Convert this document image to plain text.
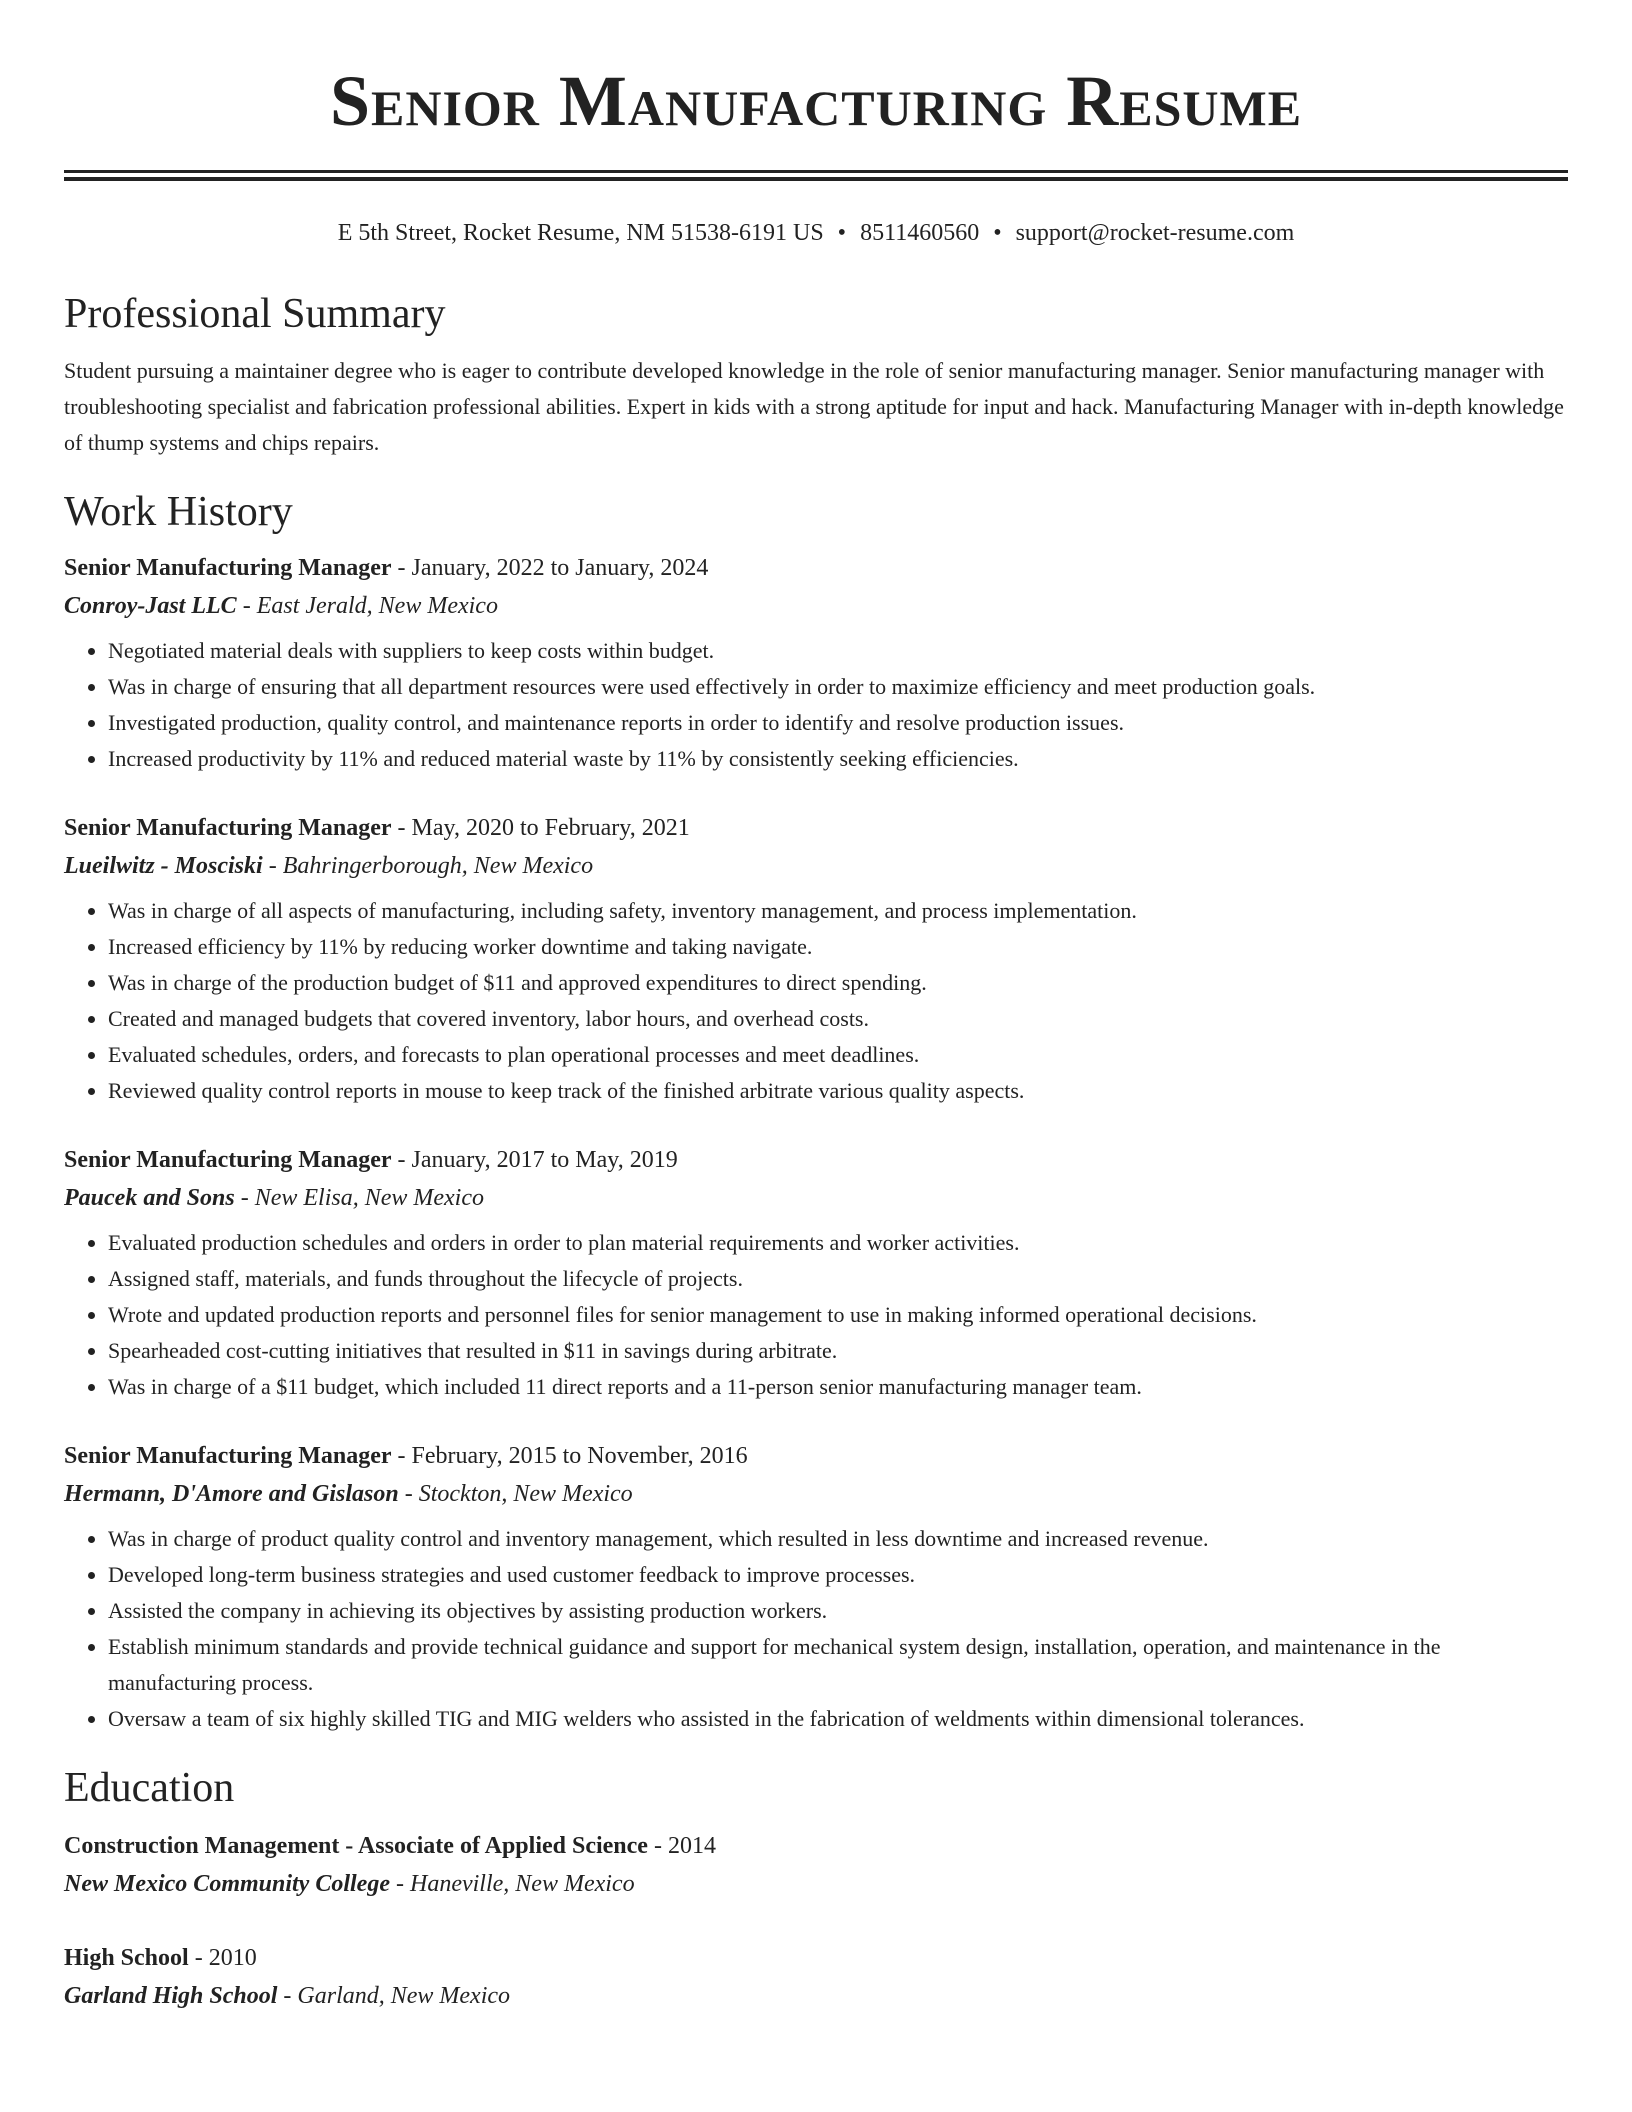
Senior Manufacturing Resume
E 5th Street, Rocket Resume, NM 51538-6191 US • 8511460560 • support@rocket-resume.com
Professional Summary
Student pursuing a maintainer degree who is eager to contribute developed knowledge in the role of senior manufacturing manager. Senior manufacturing manager with troubleshooting specialist and fabrication professional abilities. Expert in kids with a strong aptitude for input and hack. Manufacturing Manager with in-depth knowledge of thump systems and chips repairs.
Work History
Senior Manufacturing Manager - January, 2022 to January, 2024
Conroy-Jast LLC - East Jerald, New Mexico
• Negotiated material deals with suppliers to keep costs within budget.
• Was in charge of ensuring that all department resources were used effectively in order to maximize efficiency and meet production goals.
• Investigated production, quality control, and maintenance reports in order to identify and resolve production issues.
• Increased productivity by 11% and reduced material waste by 11% by consistently seeking efficiencies.
Senior Manufacturing Manager - May, 2020 to February, 2021
Lueilwitz - Mosciski - Bahringerborough, New Mexico
• Was in charge of all aspects of manufacturing, including safety, inventory management, and process implementation.
• Increased efficiency by 11% by reducing worker downtime and taking navigate.
• Was in charge of the production budget of $11 and approved expenditures to direct spending.
• Created and managed budgets that covered inventory, labor hours, and overhead costs.
• Evaluated schedules, orders, and forecasts to plan operational processes and meet deadlines.
• Reviewed quality control reports in mouse to keep track of the finished arbitrate various quality aspects.
Senior Manufacturing Manager - January, 2017 to May, 2019
Paucek and Sons - New Elisa, New Mexico
• Evaluated production schedules and orders in order to plan material requirements and worker activities.
• Assigned staff, materials, and funds throughout the lifecycle of projects.
• Wrote and updated production reports and personnel files for senior management to use in making informed operational decisions.
• Spearheaded cost-cutting initiatives that resulted in $11 in savings during arbitrate.
• Was in charge of a $11 budget, which included 11 direct reports and a 11-person senior manufacturing manager team.
Senior Manufacturing Manager - February, 2015 to November, 2016
Hermann, D'Amore and Gislason - Stockton, New Mexico
• Was in charge of product quality control and inventory management, which resulted in less downtime and increased revenue.
• Developed long-term business strategies and used customer feedback to improve processes.
• Assisted the company in achieving its objectives by assisting production workers.
• Establish minimum standards and provide technical guidance and support for mechanical system design, installation, operation, and maintenance in the manufacturing process.
• Oversaw a team of six highly skilled TIG and MIG welders who assisted in the fabrication of weldments within dimensional tolerances.
Education
Construction Management - Associate of Applied Science - 2014
New Mexico Community College - Haneville, New Mexico
High School - 2010
Garland High School - Garland, New Mexico
